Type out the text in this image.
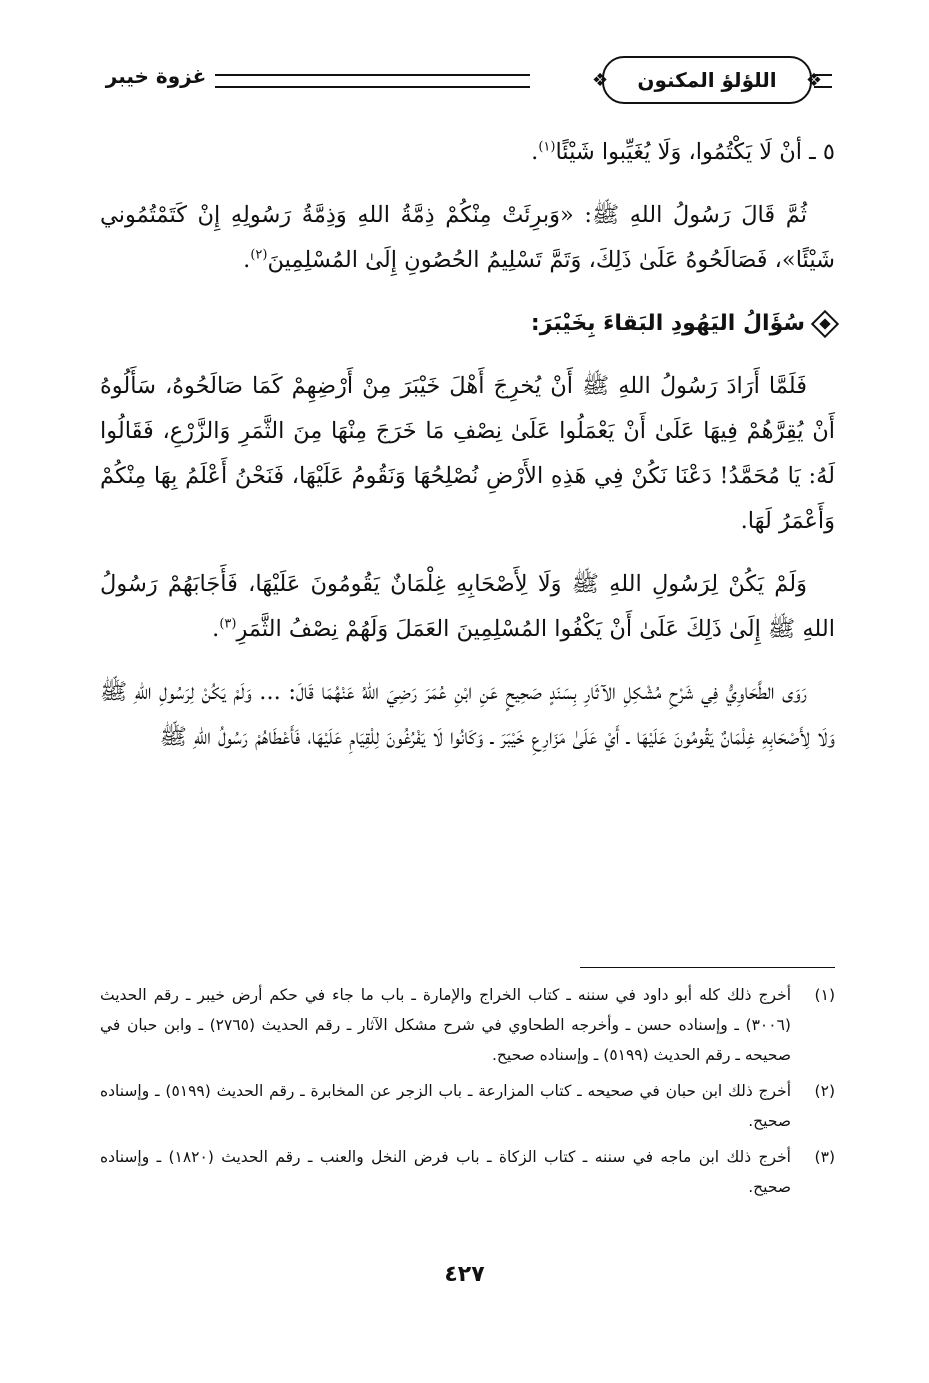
❖
اللؤلؤ المكنون
❖
غزوة خيبر

٥ ـ أنْ لَا يَكْتُمُوا، وَلَا يُغَيِّبوا شَيْئًا$^{(١)}$.

ثُمَّ قَالَ رَسُولُ اللهِ ﷺ: «وَبرِئَتْ مِنْكُمْ ذِمَّةُ اللهِ وَذِمَّةُ رَسُولِهِ إِنْ كَتَمْتُمُوني شَيْئًا»، فَصَالَحُوهُ عَلَىٰ ذَلِكَ، وَتَمَّ تَسْلِيمُ الحُصُونِ إِلَىٰ المُسْلِمِينَ$^{(٢)}$.

سُؤَالُ اليَهُودِ البَقاءَ بِخَيْبَرَ:

فَلَمَّا أَرَادَ رَسُولُ اللهِ ﷺ أَنْ يُخرِجَ أَهْلَ خَيْبَرَ مِنْ أَرْضِهِمْ كَمَا صَالَحُوهُ، سَأَلُوهُ أَنْ يُقِرَّهُمْ فِيهَا عَلَىٰ أَنْ يَعْمَلُوا عَلَىٰ نِصْفِ مَا خَرَجَ مِنْهَا مِنَ الثَّمَرِ وَالزَّرْعِ، فَقَالُوا لَهُ: يَا مُحَمَّدُ! دَعْنَا نَكُنْ فِي هَذِهِ الأَرْضِ نُصْلِحُهَا وَنَقُومُ عَلَيْهَا، فَنَحْنُ أَعْلَمُ بِهَا مِنْكُمْ وَأَعْمَرُ لَهَا.

وَلَمْ يَكُنْ لِرَسُولِ اللهِ ﷺ وَلَا لِأَصْحَابِهِ غِلْمَانٌ يَقُومُونَ عَلَيْهَا، فَأَجَابَهُمْ رَسُولُ اللهِ ﷺ إِلَىٰ ذَلِكَ عَلَىٰ أَنْ يَكْفُوا المُسْلِمِينَ العَمَلَ وَلَهُمْ نِصْفُ الثَّمَرِ$^{(٣)}$.

رَوَى الطَّحَاوِيُّ فِي شَرْحِ مُشْكِلِ الآثَارِ بِسَنَدٍ صَحِيحٍ عَنِ ابْنِ عُمَرَ رَضِيَ اللهُ عَنْهُمَا قَالَ: ... وَلَمْ يَكُنْ لِرَسُولِ اللهِ ﷺ وَلَا لِأَصْحَابِهِ غِلْمَانٌ يَقُومُونَ عَلَيْهَا ـ أَيْ عَلَىٰ مَزَارِعِ خَيْبَرَ ـ وَكَانُوا لَا يَفْرُغُونَ لِلْقِيَامِ عَلَيْهَا، فَأَعْطَاهُمْ رَسُولُ اللهِ ﷺ

(١)
أخرج ذلك كله أبو داود في سننه ـ كتاب الخراج والإمارة ـ باب ما جاء في حكم أرض خيبر ـ رقم الحديث (٣٠٠٦) ـ وإسناده حسن ـ وأخرجه الطحاوي في شرح مشكل الآثار ـ رقم الحديث (٢٧٦٥) ـ وابن حبان في صحيحه ـ رقم الحديث (٥١٩٩) ـ وإسناده صحيح.
(٢)
أخرج ذلك ابن حبان في صحيحه ـ كتاب المزارعة ـ باب الزجر عن المخابرة ـ رقم الحديث (٥١٩٩) ـ وإسناده صحيح.
(٣)
أخرج ذلك ابن ماجه في سننه ـ كتاب الزكاة ـ باب فرض النخل والعنب ـ رقم الحديث (١٨٢٠) ـ وإسناده صحيح.
٤٢٧
